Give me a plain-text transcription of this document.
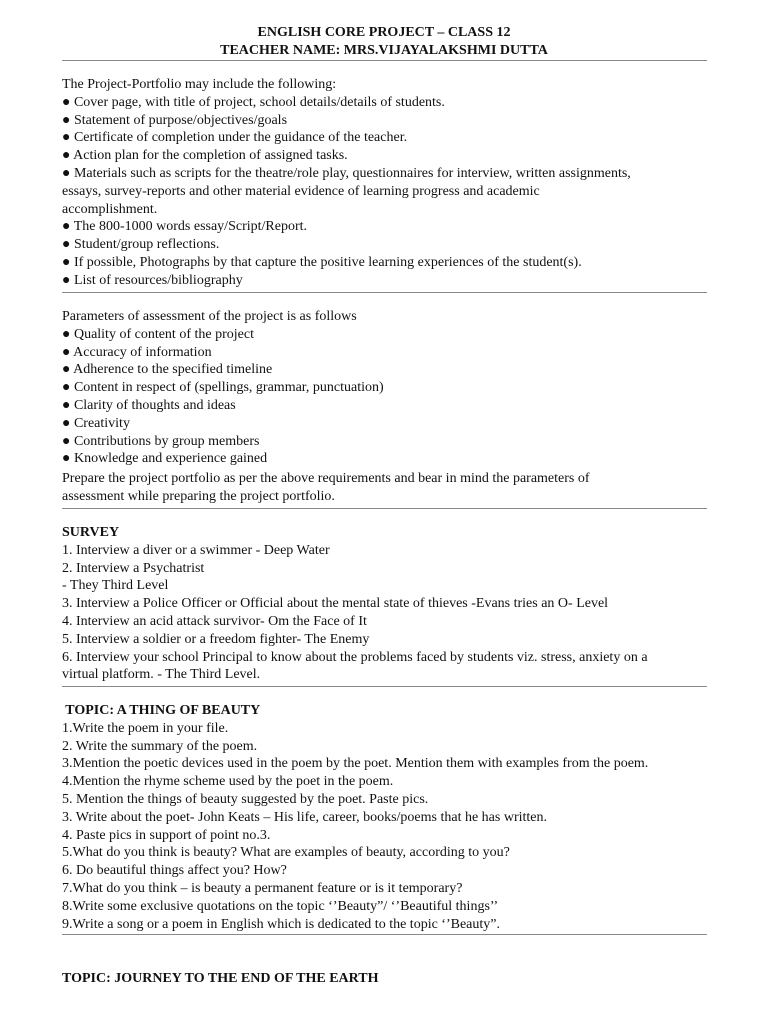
ENGLISH CORE PROJECT – CLASS 12
TEACHER NAME: MRS.VIJAYALAKSHMI DUTTA
The Project-Portfolio may include the following:
● Cover page, with title of project, school details/details of students.
● Statement of purpose/objectives/goals
● Certificate of completion under the guidance of the teacher.
● Action plan for the completion of assigned tasks.
● Materials such as scripts for the theatre/role play, questionnaires for interview, written assignments,
essays, survey-reports and other material evidence of learning progress and academic
accomplishment.
● The 800-1000 words essay/Script/Report.
● Student/group reflections.
● If possible, Photographs by that capture the positive learning experiences of the student(s).
● List of resources/bibliography
Parameters of assessment of the project is as follows
● Quality of content of the project
● Accuracy of information
● Adherence to the specified timeline
● Content in respect of (spellings, grammar, punctuation)
● Clarity of thoughts and ideas
● Creativity
● Contributions by group members
● Knowledge and experience gained
Prepare the project portfolio as per the above requirements and bear in mind the parameters of
assessment while preparing the project portfolio.
SURVEY
1. Interview a diver or a swimmer - Deep Water
2. Interview a Psychatrist
- They Third Level
3. Interview a Police Officer or Official about the mental state of thieves -Evans tries an O- Level
4. Interview an acid attack survivor- Om the Face of It
5. Interview a soldier or a freedom fighter- The Enemy
6. Interview your school Principal to know about the problems faced by students viz. stress, anxiety on a
virtual platform. - The Third Level.
TOPIC: A THING OF BEAUTY
1.Write the poem in your file.
2. Write the summary of the poem.
3.Mention the poetic devices used in the poem by the poet. Mention them with examples from the poem.
4.Mention the rhyme scheme used by the poet in the poem.
5. Mention the things of beauty suggested by the poet. Paste pics.
3. Write about the poet- John Keats – His life, career, books/poems that he has written.
4. Paste pics in support of point no.3.
5.What do you think is beauty? What are examples of beauty, according to you?
6. Do beautiful things affect you? How?
7.What do you think – is beauty a permanent feature or is it temporary?
8.Write some exclusive quotations on the topic ‘’Beauty”/ ‘’Beautiful things’’
9.Write a song or a poem in English which is dedicated to the topic ‘’Beauty”.
TOPIC: JOURNEY TO THE END OF THE EARTH
